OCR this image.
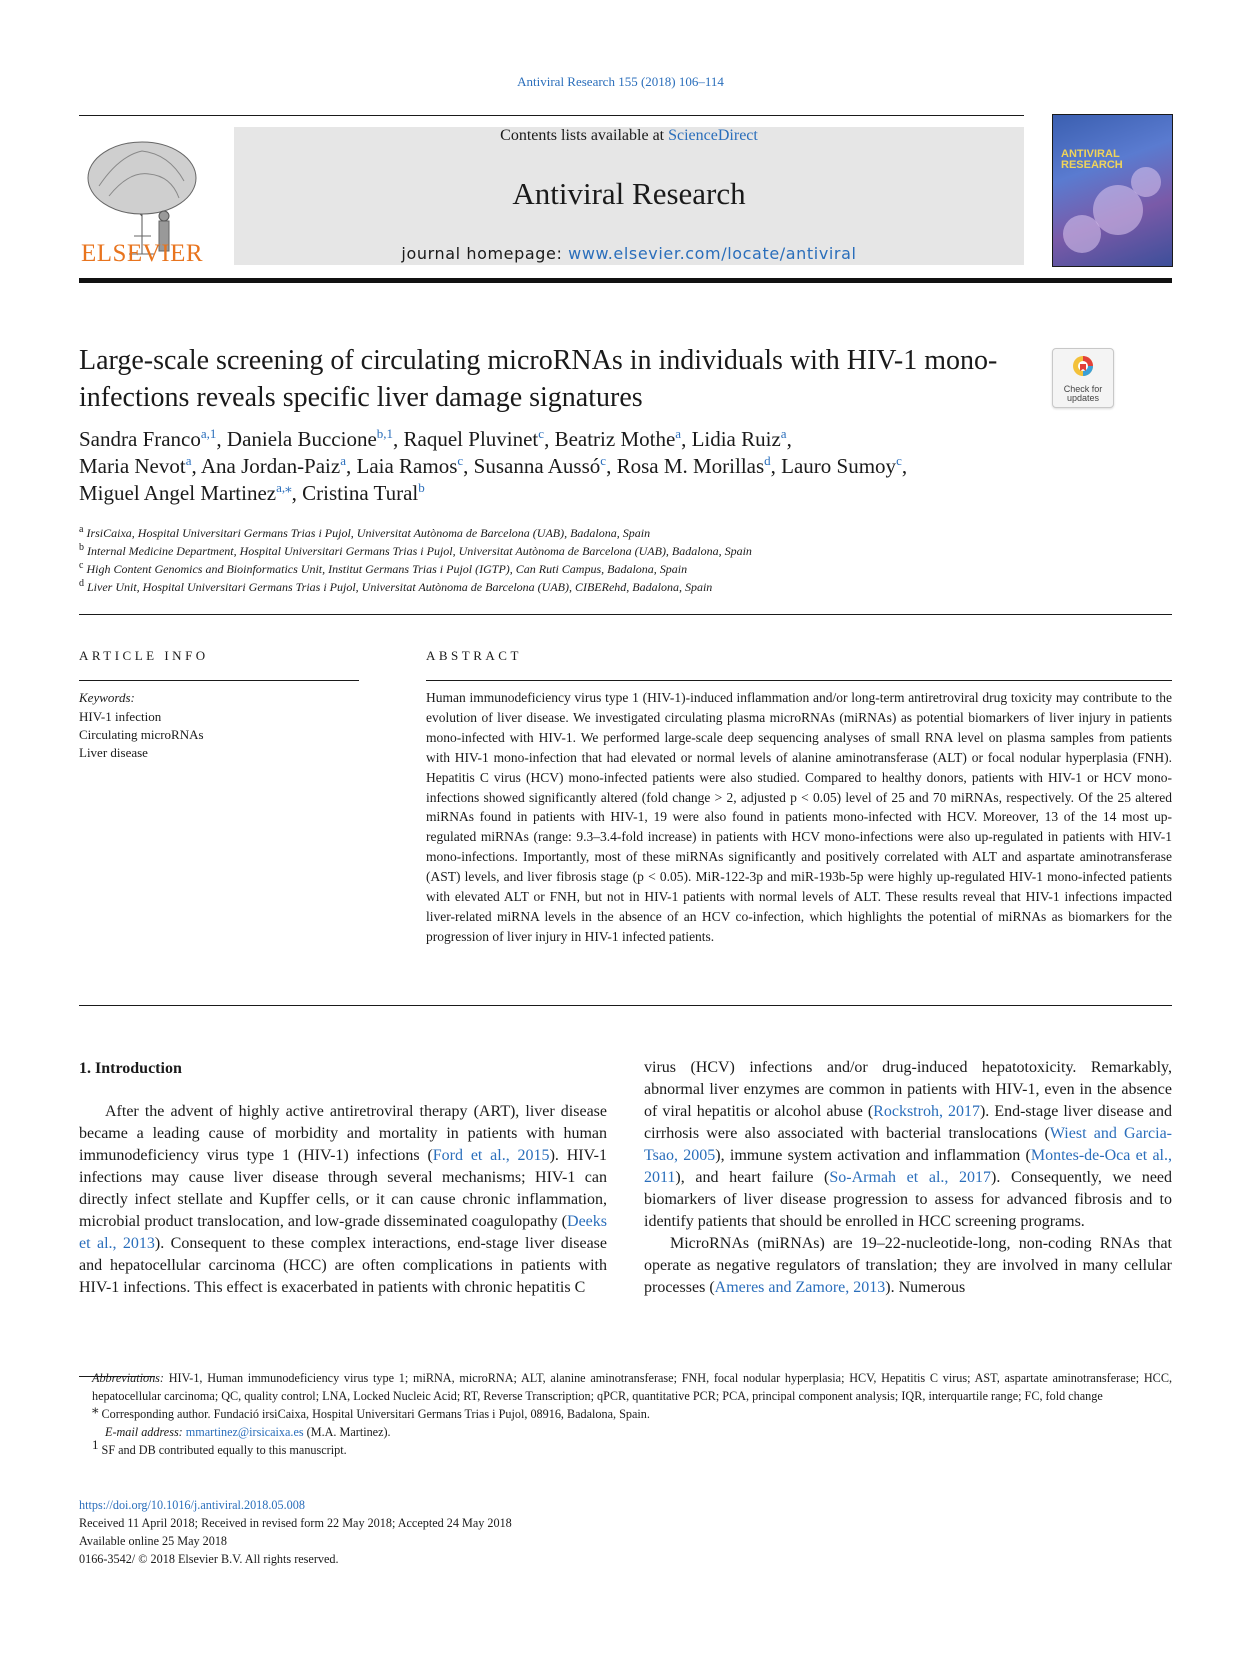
Antiviral Research 155 (2018) 106–114
ELSEVIER
Contents lists available at ScienceDirect
Antiviral Research
journal homepage: www.elsevier.com/locate/antiviral
ANTIVIRAL RESEARCH
Large-scale screening of circulating microRNAs in individuals with HIV-1 mono-infections reveals specific liver damage signatures	Check for updates
Sandra Franco$^{a,1}$, Daniela Buccione$^{b,1}$, Raquel Pluvinet$^c$, Beatriz Mothe$^a$, Lidia Ruiz$^a$,
Maria Nevot$^a$, Ana Jordan-Paiz$^a$, Laia Ramos$^c$, Susanna Aussó$^c$, Rosa M. Morillas$^d$, Lauro Sumoy$^c$,
Miguel Angel Martinez$^{a,⁎}$, Cristina Tural$^b$
$^a$ IrsiCaixa, Hospital Universitari Germans Trias i Pujol, Universitat Autònoma de Barcelona (UAB), Badalona, Spain
$^b$ Internal Medicine Department, Hospital Universitari Germans Trias i Pujol, Universitat Autònoma de Barcelona (UAB), Badalona, Spain
$^c$ High Content Genomics and Bioinformatics Unit, Institut Germans Trias i Pujol (IGTP), Can Ruti Campus, Badalona, Spain
$^d$ Liver Unit, Hospital Universitari Germans Trias i Pujol, Universitat Autònoma de Barcelona (UAB), CIBERehd, Badalona, Spain
ARTICLE INFO
Keywords:
HIV-1 infection
Circulating microRNAs
Liver disease
ABSTRACT
Human immunodeficiency virus type 1 (HIV-1)-induced inflammation and/or long-term antiretroviral drug toxicity may contribute to the evolution of liver disease. We investigated circulating plasma microRNAs (miRNAs) as potential biomarkers of liver injury in patients mono-infected with HIV-1. We performed large-scale deep sequencing analyses of small RNA level on plasma samples from patients with HIV-1 mono-infection that had elevated or normal levels of alanine aminotransferase (ALT) or focal nodular hyperplasia (FNH). Hepatitis C virus (HCV) mono-infected patients were also studied. Compared to healthy donors, patients with HIV-1 or HCV mono-infections showed significantly altered (fold change > 2, adjusted p < 0.05) level of 25 and 70 miRNAs, respectively. Of the 25 altered miRNAs found in patients with HIV-1, 19 were also found in patients mono-infected with HCV. Moreover, 13 of the 14 most up-regulated miRNAs (range: 9.3–3.4-fold increase) in patients with HCV mono-infections were also up-regulated in patients with HIV-1 mono-infections. Importantly, most of these miRNAs significantly and positively correlated with ALT and aspartate aminotransferase (AST) levels, and liver fibrosis stage (p < 0.05). MiR-122-3p and miR-193b-5p were highly up-regulated HIV-1 mono-infected patients with elevated ALT or FNH, but not in HIV-1 patients with normal levels of ALT. These results reveal that HIV-1 infections impacted liver-related miRNA levels in the absence of an HCV co-infection, which highlights the potential of miRNAs as biomarkers for the progression of liver injury in HIV-1 infected patients.
1. Introduction

After the advent of highly active antiretroviral therapy (ART), liver disease became a leading cause of morbidity and mortality in patients with human immunodeficiency virus type 1 (HIV-1) infections (Ford et al., 2015). HIV-1 infections may cause liver disease through several mechanisms; HIV-1 can directly infect stellate and Kupffer cells, or it can cause chronic inflammation, microbial product translocation, and low-grade disseminated coagulopathy (Deeks et al., 2013). Consequent to these complex interactions, end-stage liver disease and hepatocellular carcinoma (HCC) are often complications in patients with HIV-1 infections. This effect is exacerbated in patients with chronic hepatitis C

virus (HCV) infections and/or drug-induced hepatotoxicity. Remarkably, abnormal liver enzymes are common in patients with HIV-1, even in the absence of viral hepatitis or alcohol abuse (Rockstroh, 2017). End-stage liver disease and cirrhosis were also associated with bacterial translocations (Wiest and Garcia-Tsao, 2005), immune system activation and inflammation (Montes-de-Oca et al., 2011), and heart failure (So-Armah et al., 2017). Consequently, we need biomarkers of liver disease progression to assess for advanced fibrosis and to identify patients that should be enrolled in HCC screening programs.

MicroRNAs (miRNAs) are 19–22-nucleotide-long, non-coding RNAs that operate as negative regulators of translation; they are involved in many cellular processes (Ameres and Zamore, 2013). Numerous

Abbreviations: HIV-1, Human immunodeficiency virus type 1; miRNA, microRNA; ALT, alanine aminotransferase; FNH, focal nodular hyperplasia; HCV, Hepatitis C virus; AST, aspartate aminotransferase; HCC, hepatocellular carcinoma; QC, quality control; LNA, Locked Nucleic Acid; RT, Reverse Transcription; qPCR, quantitative PCR; PCA, principal component analysis; IQR, interquartile range; FC, fold change
⁎ Corresponding author. Fundació irsiCaixa, Hospital Universitari Germans Trias i Pujol, 08916, Badalona, Spain.
E-mail address: mmartinez@irsicaixa.es (M.A. Martinez).
$^1$ SF and DB contributed equally to this manuscript.
https://doi.org/10.1016/j.antiviral.2018.05.008
Received 11 April 2018; Received in revised form 22 May 2018; Accepted 24 May 2018
Available online 25 May 2018
0166-3542/ © 2018 Elsevier B.V. All rights reserved.
